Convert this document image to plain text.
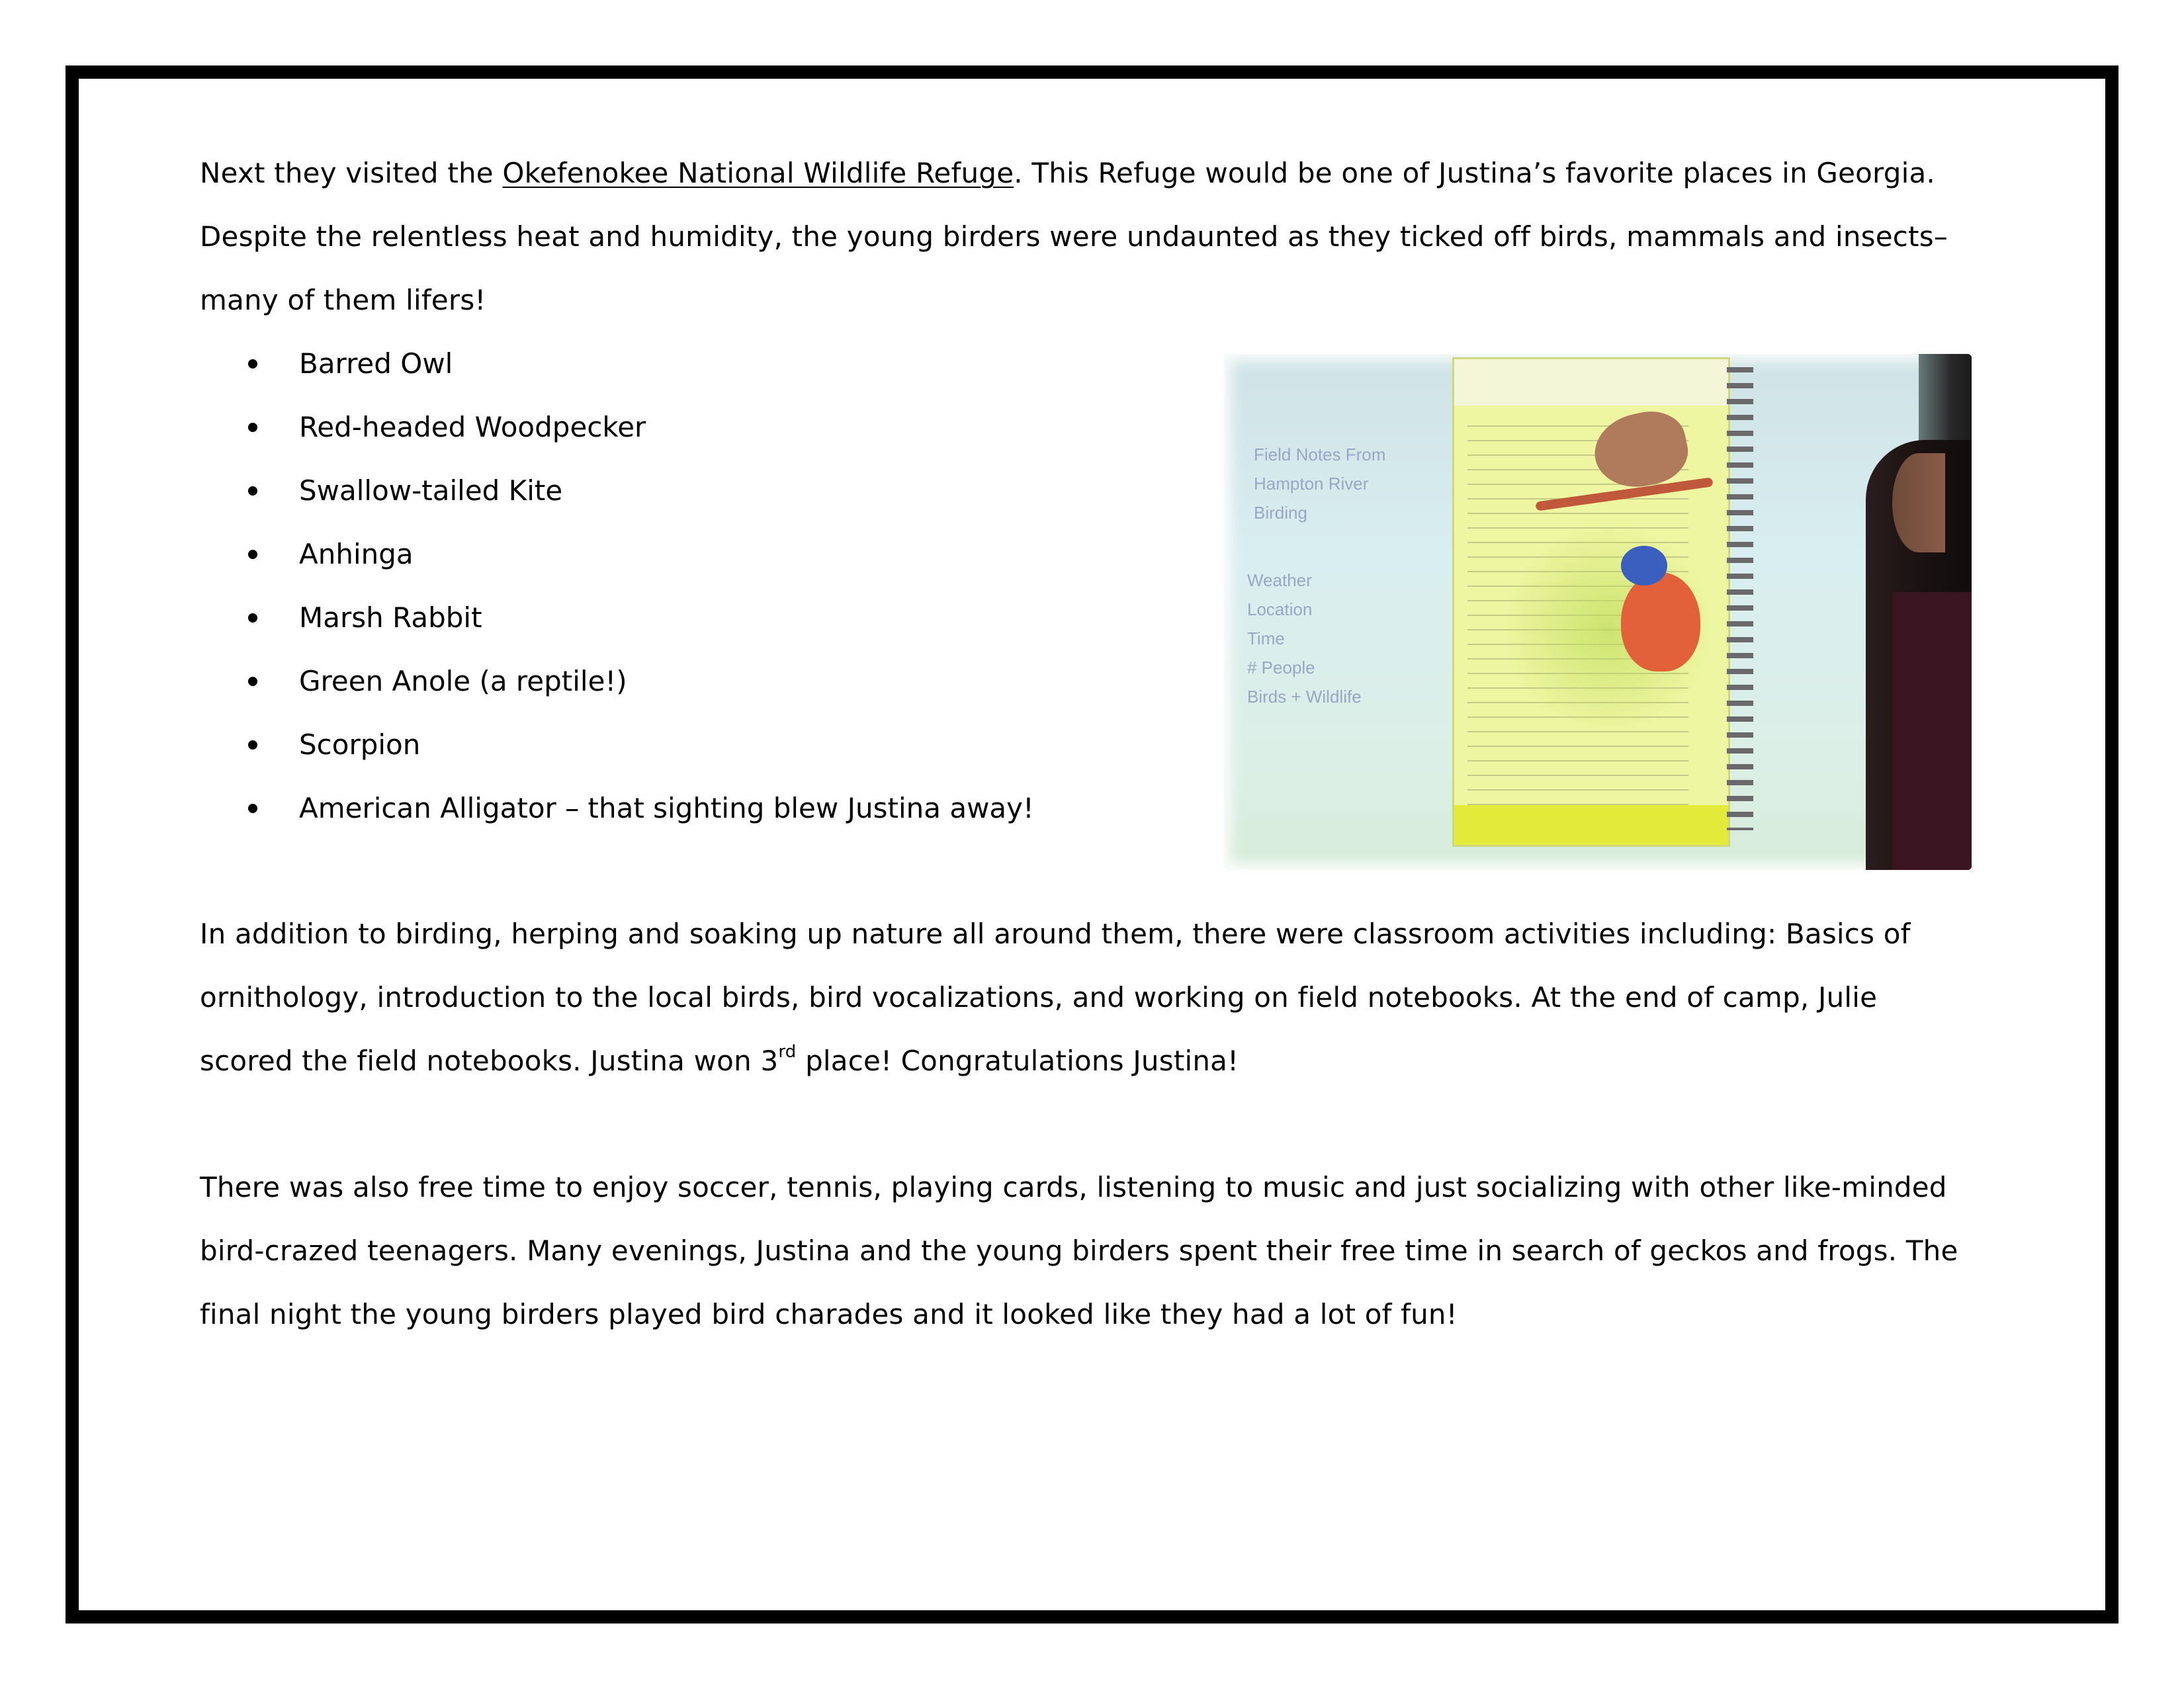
Next they visited the Okefenokee National Wildlife Refuge. This Refuge would be one of Justina’s favorite places in Georgia.
Despite the relentless heat and humidity, the young birders were undaunted as they ticked off birds, mammals and insects–
many of them lifers!

Barred Owl
Red-headed Woodpecker
Swallow-tailed Kite
Anhinga
Marsh Rabbit
Green Anole (a reptile!)
Scorpion
American Alligator – that sighting blew Justina away!
Field Notes From Hampton River Birding
Weather
Location
Time
# People
Birds + Wildlife

In addition to birding, herping and soaking up nature all around them, there were classroom activities including: Basics of
ornithology, introduction to the local birds, bird vocalizations, and working on field notebooks. At the end of camp, Julie
scored the field notebooks. Justina won 3rd place! Congratulations Justina!

There was also free time to enjoy soccer, tennis, playing cards, listening to music and just socializing with other like-minded
bird-crazed teenagers. Many evenings, Justina and the young birders spent their free time in search of geckos and frogs. The
final night the young birders played bird charades and it looked like they had a lot of fun!
